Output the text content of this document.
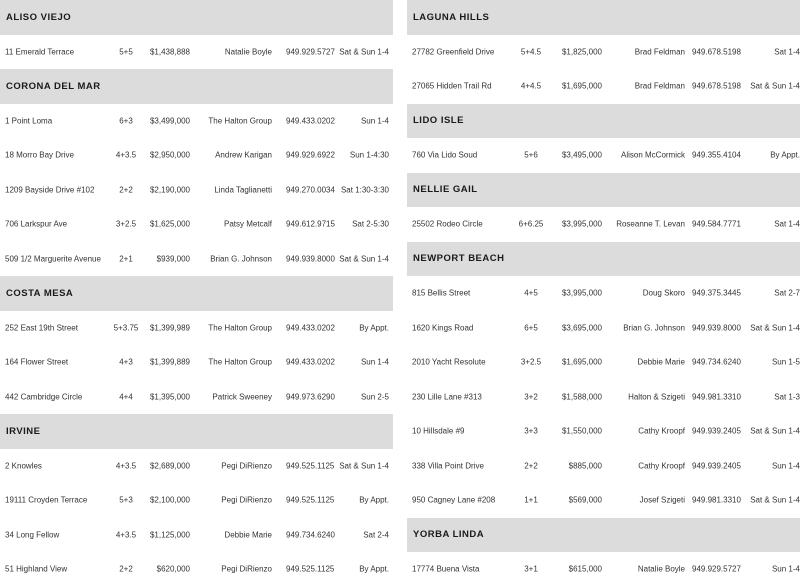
ALISO VIEJO
11 Emerald Terrace	5+5 $1,438,888	Natalie Boyle 949.929.5727 Sat & Sun 1-4
CORONA DEL MAR
1 Point Loma	6+3 $3,499,000 The Halton Group 949.433.0202	Sun 1-4
18 Morro Bay Drive	4+3.5 $2,950,000	Andrew Karigan 949.929.6922 Sun 1-4:30
1209 Bayside Drive #102	2+2 $2,190,000	Linda Taglianetti 949.270.0034 Sat 1:30-3:30
706 Larkspur Ave	3+2.5 $1,625,000	Patsy Metcalf 949.612.9715 Sat 2-5:30
509 1/2 Marguerite Avenue 2+1	$939,000	Brian G. Johnson 949.939.8000 Sat & Sun 1-4
COSTA MESA
252 East 19th Street	5+3.75 $1,399,989 The Halton Group 949.433.0202	By Appt.
164 Flower Street	4+3 $1,399,889 The Halton Group 949.433.0202	Sun 1-4
442 Cambridge Circle	4+4 $1,395,000	Patrick Sweeney 949.973.6290	Sun 2-5
IRVINE
2 Knowles	4+3.5 $2,689,000	Pegi DiRienzo 949.525.1125 Sat & Sun 1-4
19111 Croyden Terrace	5+3 $2,100,000	Pegi DiRienzo 949.525.1125	By Appt.
34 Long Fellow	4+3.5 $1,125,000	Debbie Marie 949.734.6240	Sat 2-4
51 Highland View	2+2	$620,000	Pegi DiRienzo 949.525.1125	By Appt.
LAGUNA HILLS
27782 Greenfield Drive	5+4.5	$1,825,000	Brad Feldman 949.678.5198	Sat 1-4
27065 Hidden Trail Rd	4+4.5	$1,695,000	Brad Feldman 949.678.5198 Sat & Sun 1-4
LIDO ISLE
760 Via Lido Soud	5+6	$3,495,000 Alison McCormick 949.355.4104	By Appt.
NELLIE GAIL
25502 Rodeo Circle	6+6.25 $3,995,000 Roseanne T. Levan 949.584.7771	Sat 1-4
NEWPORT BEACH
815 Bellis Street	4+5	$3,995,000	Doug Skoro 949.375.3445	Sat 2-7
1620 Kings Road	6+5	$3,695,000	Brian G. Johnson 949.939.8000 Sat & Sun 1-4
2010 Yacht Resolute	3+2.5	$1,695,000	Debbie Marie 949.734.6240	Sun 1-5
230 Lille Lane #313	3+2	$1,588,000	Halton & Szigeti 949.981.3310	Sat 1-3
10 Hillsdale #9	3+3	$1,550,000	Cathy Kroopf 949.939.2405 Sat & Sun 1-4
338 Villa Point Drive	2+2	$885,000	Cathy Kroopf 949.939.2405	Sun 1-4
950 Cagney Lane #208	1+1	$569,000	Josef Szigeti 949.981.3310 Sat & Sun 1-4
YORBA LINDA
17774 Buena Vista	3+1	$615,000	Natalie Boyle 949.929.5727	Sun 1-4
